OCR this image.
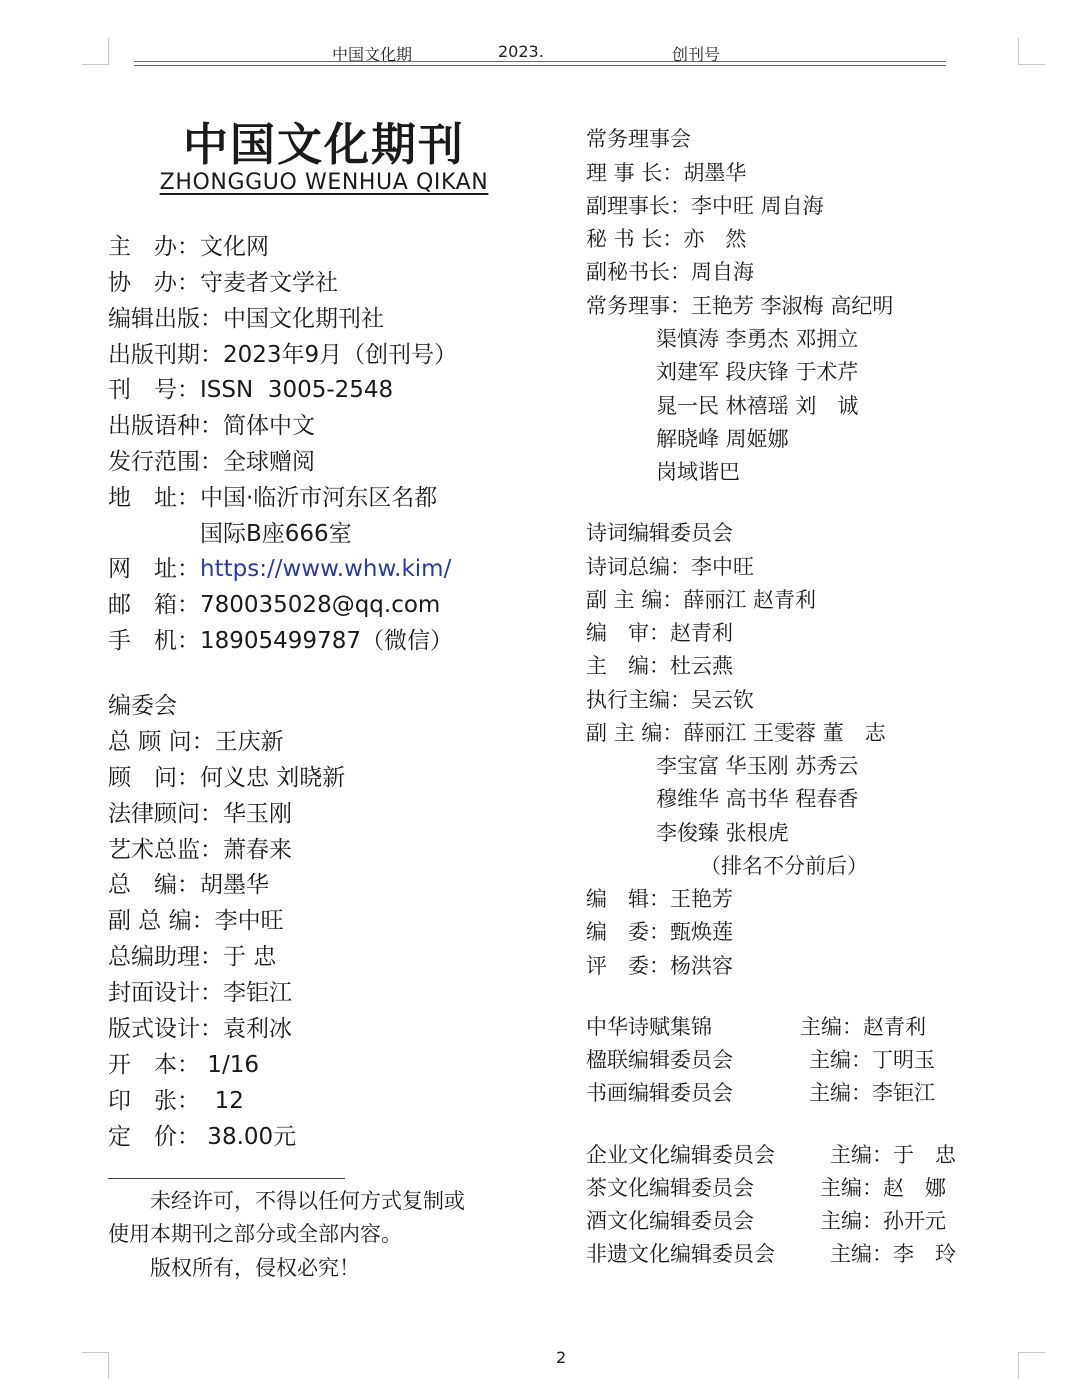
中国文化期	2023.	创刊号
中国文化期刊
ZHONGGUO WENHUA QIKAN
主　办：文化网
协　办：守麦者文学社
编辑出版：中国文化期刊社
出版刊期：2023年9月（创刊号）
刊　号：ISSN  3005-2548
出版语种：简体中文
发行范围：全球赠阅
地　址：中国·临沂市河东区名都
　　　　国际B座666室
网　址：https://www.whw.kim/
邮　箱：780035028@qq.com
手　机：18905499787（微信）
编委会
总 顾 问：王庆新
顾　问：何义忠 刘晓新
法律顾问：华玉刚
艺术总监：萧春来
总　编：胡墨华
副 总 编：李中旺
总编助理：于 忠
封面设计：李钜江
版式设计：袁利冰
开　本： 1/16
印　张：  12
定　价： 38.00元
　　未经许可，不得以任何方式复制或
使用本期刊之部分或全部内容。
　　版权所有，侵权必究！
常务理事会
理 事 长：胡墨华
副理事长：李中旺 周自海
秘 书 长：亦　然
副秘书长：周自海
常务理事：王艳芳 李淑梅 高纪明
渠慎涛 李勇杰 邓拥立
刘建军 段庆锋 于术芹
晁一民 林禧瑶 刘　诚
解晓峰 周姬娜
岗域谐巴
诗词编辑委员会
诗词总编：李中旺
副 主 编：薛丽江 赵青利
编　审：赵青利
主　编：杜云燕
执行主编：吴云钦
副 主 编：薛丽江 王雯蓉 董　志
李宝富 华玉刚 苏秀云
穆维华 高书华 程春香
李俊臻 张根虎
（排名不分前后）
编　辑：王艳芳
编　委：甄焕莲
评　委：杨洪容
中华诗赋集锦	主编：赵青利
楹联编辑委员会	主编：丁明玉
书画编辑委员会	主编：李钜江
企业文化编辑委员会	主编：于　忠
茶文化编辑委员会	主编：赵　娜
酒文化编辑委员会	主编：孙开元
非遗文化编辑委员会	主编：李　玲
2
